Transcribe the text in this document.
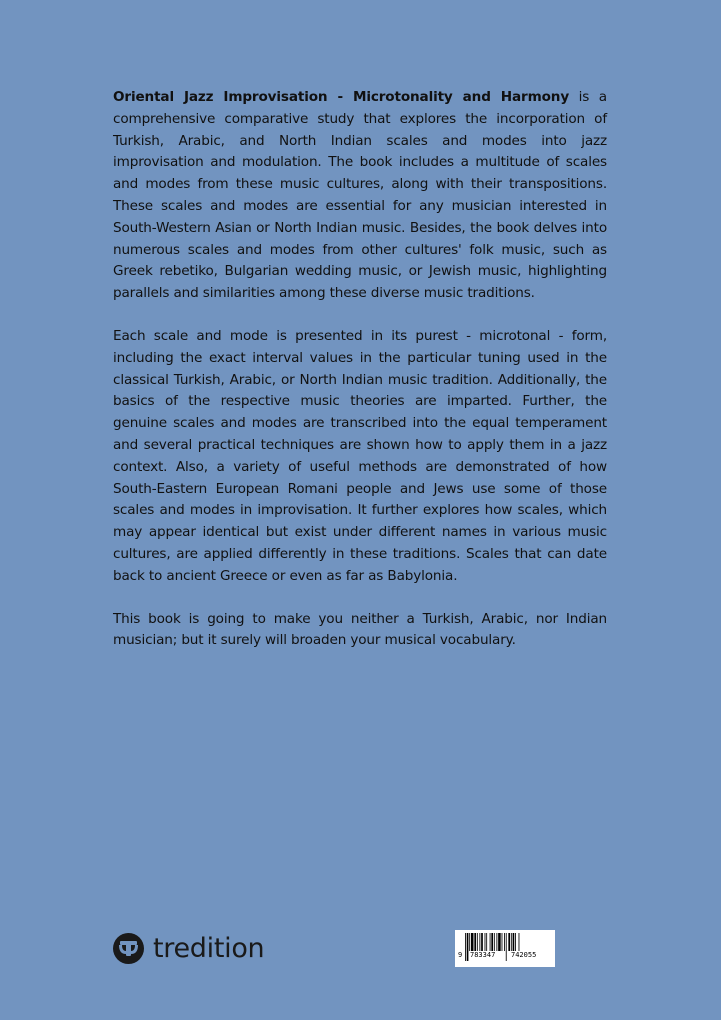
Oriental Jazz Improvisation - Microtonality and Harmony is a comprehensive comparative study that explores the incorporation of Turkish, Arabic, and North Indian scales and modes into jazz improvisation and modulation. The book includes a multitude of scales and modes from these music cultures, along with their transpositions. These scales and modes are essential for any musician interested in South-Western Asian or North Indian music. Besides, the book delves into numerous scales and modes from other cultures' folk music, such as Greek rebetiko, Bulgarian wedding music, or Jewish music, highlighting parallels and similarities among these diverse music traditions.

Each scale and mode is presented in its purest - microtonal - form, including the exact interval values in the particular tuning used in the classical Turkish, Arabic, or North Indian music tradition. Additionally, the basics of the respective music theories are imparted. Further, the genuine scales and modes are transcribed into the equal temperament and several practical techniques are shown how to apply them in a jazz context. Also, a variety of useful methods are demonstrated of how South-Eastern European Romani people and Jews use some of those scales and modes in improvisation. It further explores how scales, which may appear identical but exist under different names in various music cultures, are applied differently in these traditions. Scales that can date back to ancient Greece or even as far as Babylonia.

This book is going to make you neither a Turkish, Arabic, nor Indian musician; but it surely will broaden your musical vocabulary.

tredition	9 783347 742055
